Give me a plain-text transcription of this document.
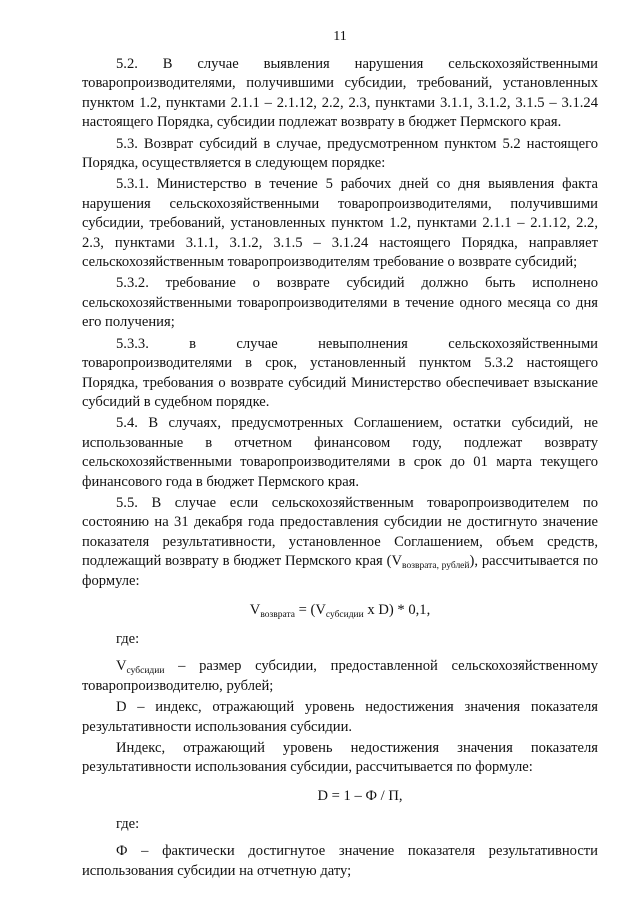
11

5.2. В случае выявления нарушения сельскохозяйственными товаропроизводителями, получившими субсидии, требований, установленных пунктом 1.2, пунктами 2.1.1 – 2.1.12, 2.2, 2.3, пунктами 3.1.1, 3.1.2, 3.1.5 – 3.1.24 настоящего Порядка, субсидии подлежат возврату в бюджет Пермского края.

5.3. Возврат субсидий в случае, предусмотренном пунктом 5.2 настоящего Порядка, осуществляется в следующем порядке:

5.3.1. Министерство в течение 5 рабочих дней со дня выявления факта нарушения сельскохозяйственными товаропроизводителями, получившими субсидии, требований, установленных пунктом 1.2, пунктами 2.1.1 – 2.1.12, 2.2, 2.3, пунктами 3.1.1, 3.1.2, 3.1.5 – 3.1.24 настоящего Порядка, направляет сельскохозяйственным товаропроизводителям требование о возврате субсидий;

5.3.2. требование о возврате субсидий должно быть исполнено сельскохозяйственными товаропроизводителями в течение одного месяца со дня его получения;

5.3.3. в случае невыполнения сельскохозяйственными товаропроизводителями в срок, установленный пунктом 5.3.2 настоящего Порядка, требования о возврате субсидий Министерство обеспечивает взыскание субсидий в судебном порядке.

5.4. В случаях, предусмотренных Соглашением, остатки субсидий, не использованные в отчетном финансовом году, подлежат возврату сельскохозяйственными товаропроизводителями в срок до 01 марта текущего финансового года в бюджет Пермского края.

5.5. В случае если сельскохозяйственным товаропроизводителем по состоянию на 31 декабря года предоставления субсидии не достигнуто значение показателя результативности, установленное Соглашением, объем средств, подлежащий возврату в бюджет Пермского края $(V_{возврата, рублей})$, рассчитывается по формуле:

$V_{возврата} = (V_{субсидии}$ x D) * 0,1,
где:

$V_{субсидии}$ – размер субсидии, предоставленной сельскохозяйственному товаропроизводителю, рублей;

D – индекс, отражающий уровень недостижения значения показателя результативности использования субсидии.

Индекс, отражающий уровень недостижения значения показателя результативности использования субсидии, рассчитывается по формуле:

D = 1 – Ф / П,
где:

Ф – фактически достигнутое значение показателя результативности использования субсидии на отчетную дату;
